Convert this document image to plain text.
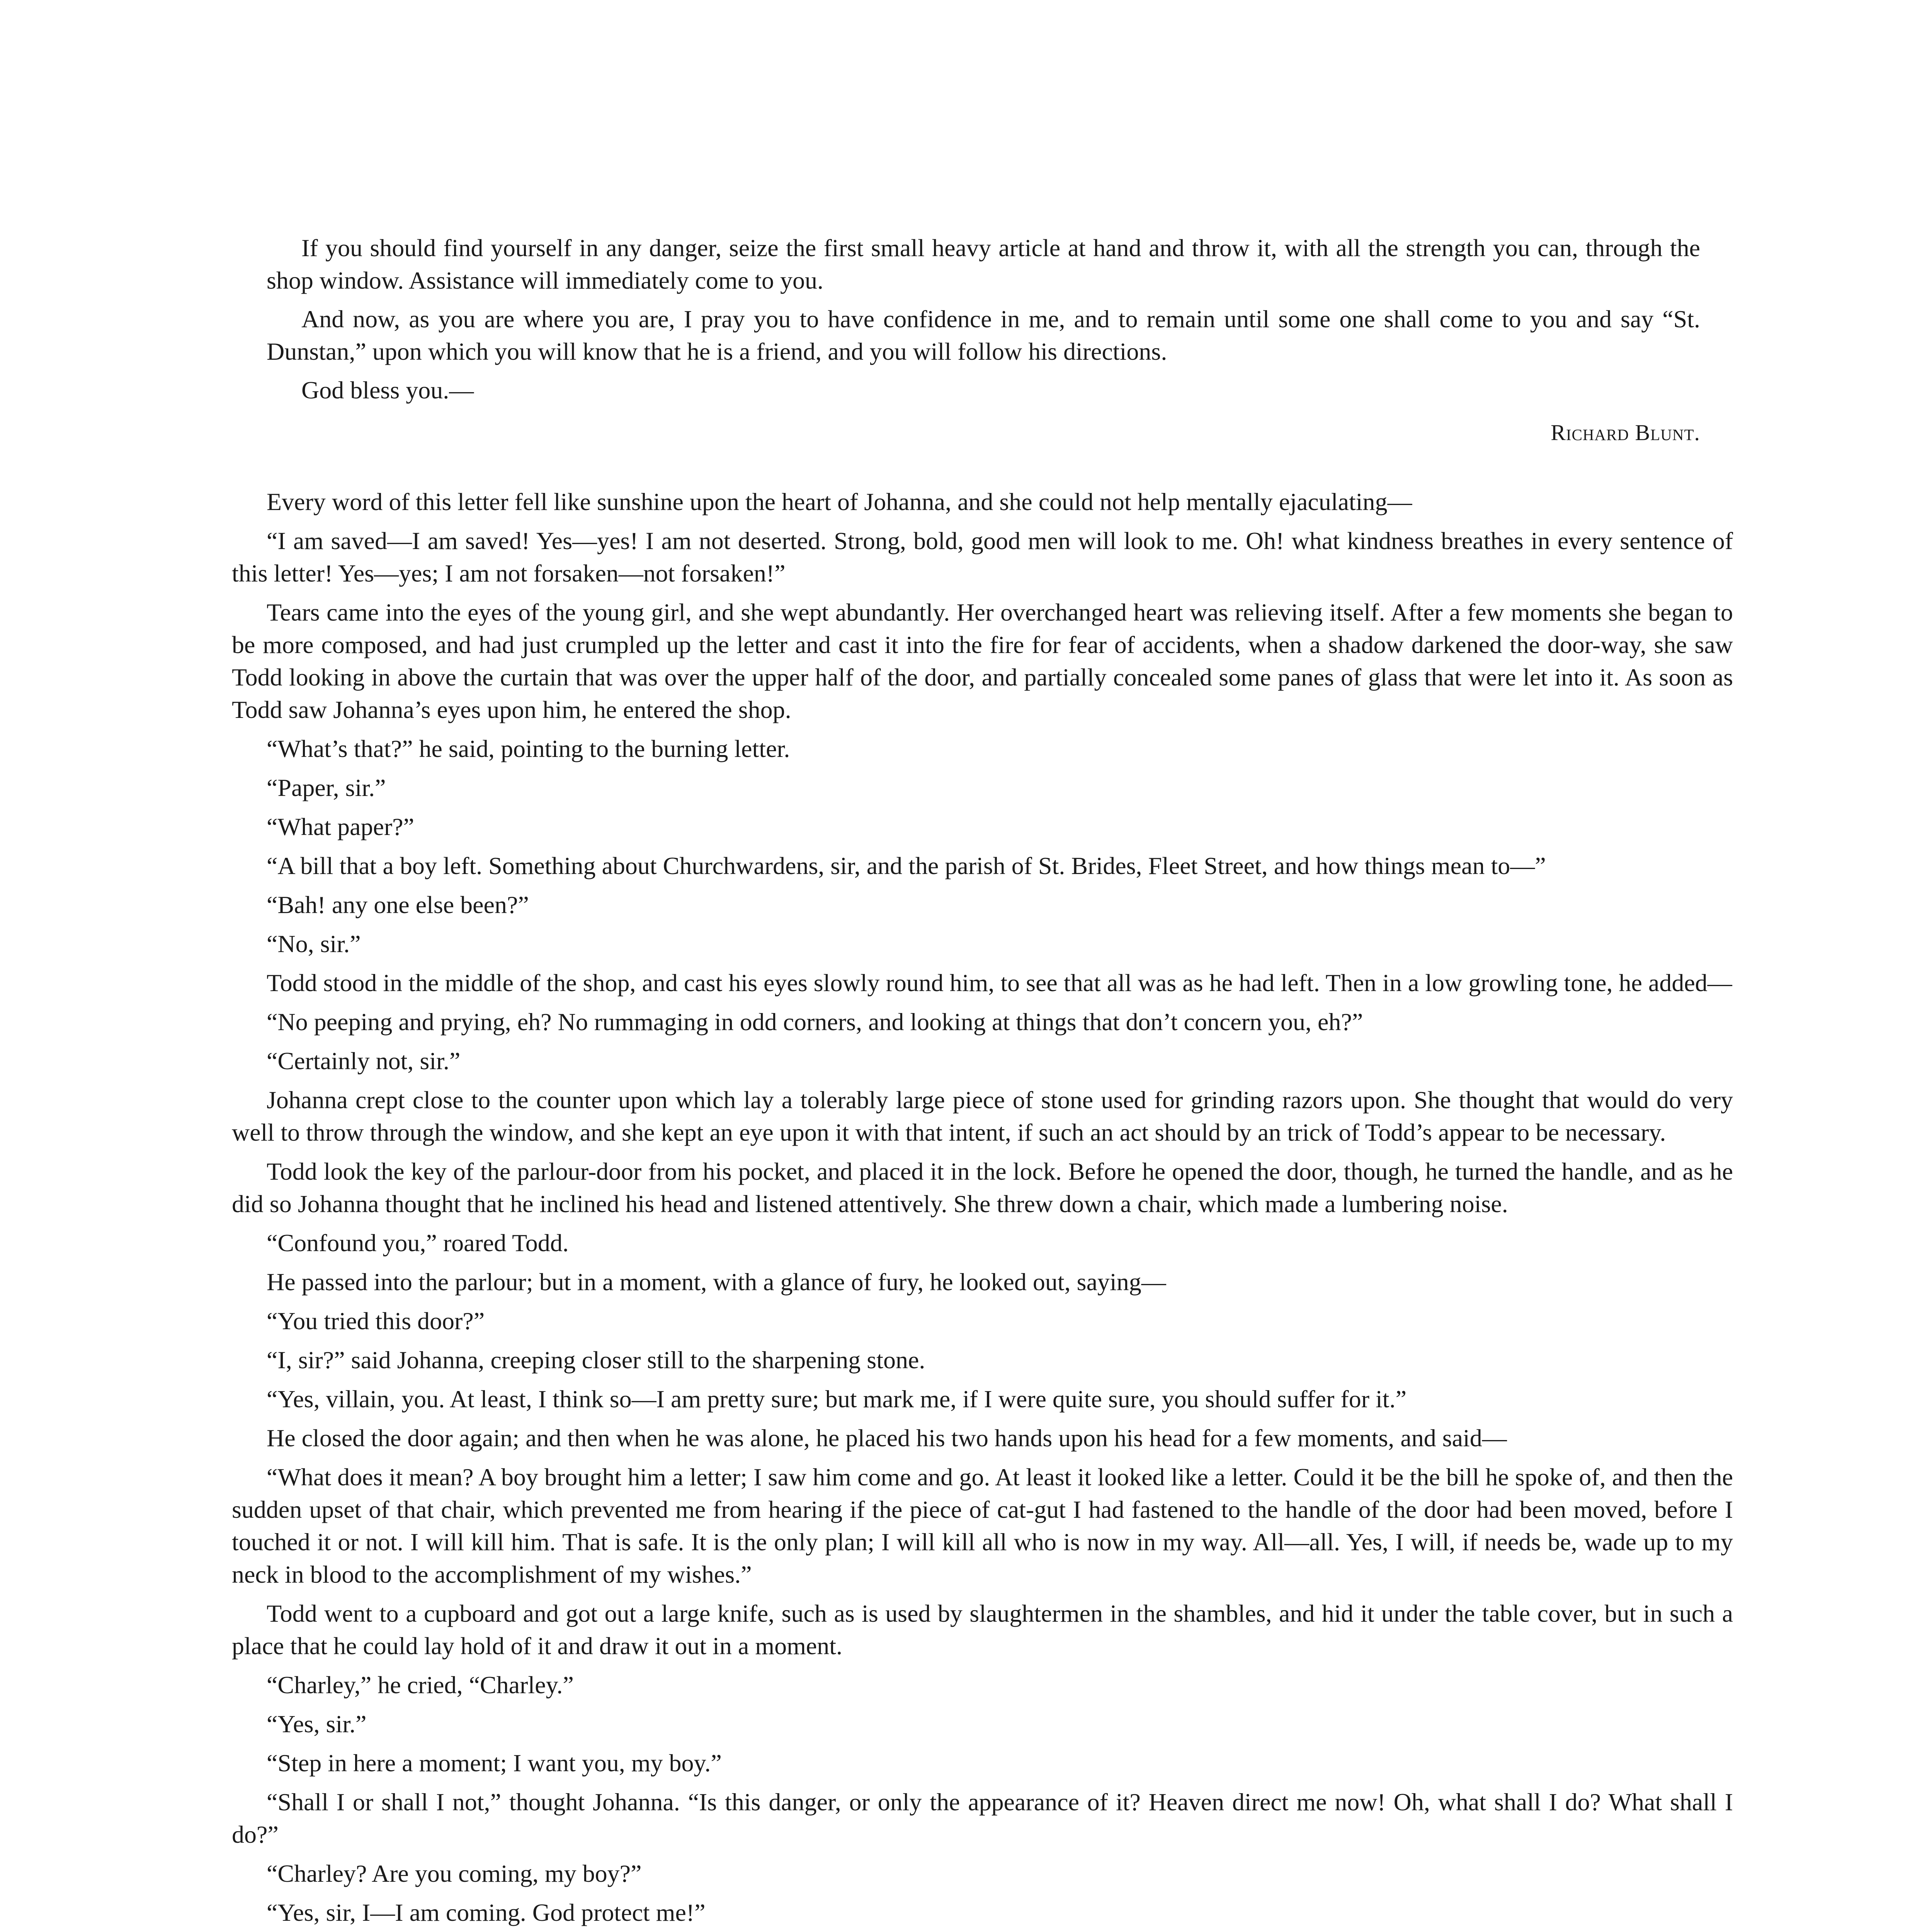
If you should find yourself in any danger, seize the first small heavy article at hand and throw it, with all the strength you can, through the shop window. Assistance will immediately come to you.

And now, as you are where you are, I pray you to have confidence in me, and to remain until some one shall come to you and say “St. Dunstan,” upon which you will know that he is a friend, and you will follow his directions.

God bless you.—

Richard Blunt.

Every word of this letter fell like sunshine upon the heart of Johanna, and she could not help mentally ejaculating—

“I am saved—I am saved! Yes—yes! I am not deserted. Strong, bold, good men will look to me. Oh! what kindness breathes in every sentence of this letter! Yes—yes; I am not forsaken—not forsaken!”

Tears came into the eyes of the young girl, and she wept abundantly. Her overchanged heart was relieving itself. After a few moments she began to be more composed, and had just crumpled up the letter and cast it into the fire for fear of accidents, when a shadow darkened the door-way, she saw Todd looking in above the curtain that was over the upper half of the door, and partially concealed some panes of glass that were let into it. As soon as Todd saw Johanna’s eyes upon him, he entered the shop.

“What’s that?” he said, pointing to the burning letter.

“Paper, sir.”

“What paper?”

“A bill that a boy left. Something about Churchwardens, sir, and the parish of St. Brides, Fleet Street, and how things mean to—”

“Bah! any one else been?”

“No, sir.”

Todd stood in the middle of the shop, and cast his eyes slowly round him, to see that all was as he had left. Then in a low growling tone, he added—

“No peeping and prying, eh? No rummaging in odd corners, and looking at things that don’t concern you, eh?”

“Certainly not, sir.”

Johanna crept close to the counter upon which lay a tolerably large piece of stone used for grinding razors upon. She thought that would do very well to throw through the window, and she kept an eye upon it with that intent, if such an act should by an trick of Todd’s appear to be necessary.

Todd look the key of the parlour-door from his pocket, and placed it in the lock. Before he opened the door, though, he turned the handle, and as he did so Johanna thought that he inclined his head and listened attentively. She threw down a chair, which made a lumbering noise.

“Confound you,” roared Todd.

He passed into the parlour; but in a moment, with a glance of fury, he looked out, saying—

“You tried this door?”

“I, sir?” said Johanna, creeping closer still to the sharpening stone.

“Yes, villain, you. At least, I think so—I am pretty sure; but mark me, if I were quite sure, you should suffer for it.”

He closed the door again; and then when he was alone, he placed his two hands upon his head for a few moments, and said—

“What does it mean? A boy brought him a letter; I saw him come and go. At least it looked like a letter. Could it be the bill he spoke of, and then the sudden upset of that chair, which prevented me from hearing if the piece of cat-gut I had fastened to the handle of the door had been moved, before I touched it or not. I will kill him. That is safe. It is the only plan; I will kill all who is now in my way. All—all. Yes, I will, if needs be, wade up to my neck in blood to the accomplishment of my wishes.”

Todd went to a cupboard and got out a large knife, such as is used by slaughtermen in the shambles, and hid it under the table cover, but in such a place that he could lay hold of it and draw it out in a moment.

“Charley,” he cried, “Charley.”

“Yes, sir.”

“Step in here a moment; I want you, my boy.”

“Shall I or shall I not,” thought Johanna. “Is this danger, or only the appearance of it? Heaven direct me now! Oh, what shall I do? What shall I do?”

“Charley? Are you coming, my boy?”

“Yes, sir, I—I am coming. God protect me!”
